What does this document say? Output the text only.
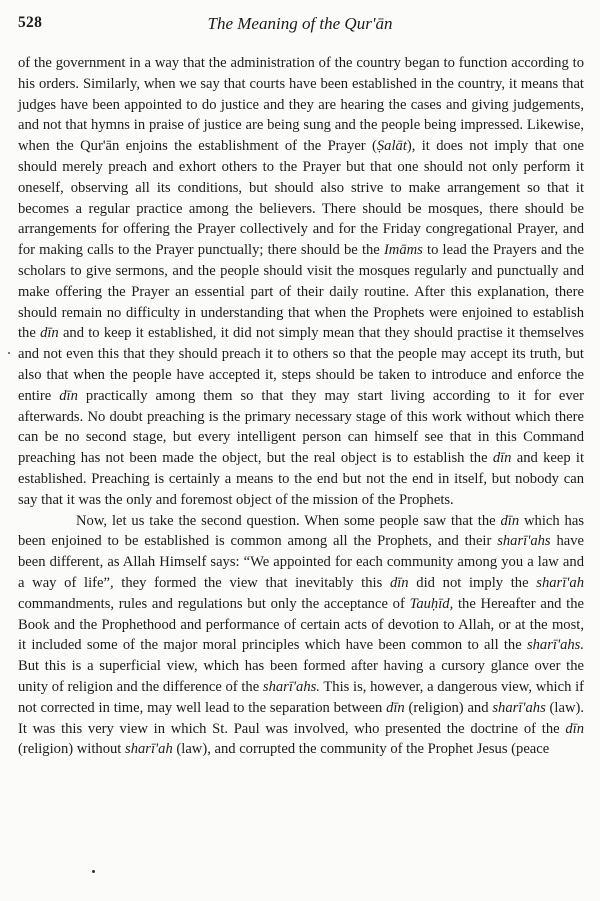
528	The Meaning of the Qur'ān

of the government in a way that the administration of the country began to function according to his orders. Similarly, when we say that courts have been established in the country, it means that judges have been appointed to do justice and they are hearing the cases and giving judgements, and not that hymns in praise of justice are being sung and the people being impressed. Likewise, when the Qur'ān enjoins the establishment of the Prayer (Ṣalāt), it does not imply that one should merely preach and exhort others to the Prayer but that one should not only perform it oneself, observing all its conditions, but should also strive to make arrangement so that it becomes a regular practice among the believers. There should be mosques, there should be arrangements for offering the Prayer collectively and for the Friday congregational Prayer, and for making calls to the Prayer punctually; there should be the Imāms to lead the Prayers and the scholars to give sermons, and the people should visit the mosques regularly and punctually and make offering the Prayer an essential part of their daily routine. After this explanation, there should remain no difficulty in understanding that when the Prophets were enjoined to establish the dīn and to keep it established, it did not simply mean that they should practise it themselves and not even this that they should preach it to others so that the people may accept its truth, but also that when the people have accepted it, steps should be taken to introduce and enforce the entire dīn practically among them so that they may start living according to it for ever afterwards. No doubt preaching is the primary necessary stage of this work without which there can be no second stage, but every intelligent person can himself see that in this Command preaching has not been made the object, but the real object is to establish the dīn and keep it established. Preaching is certainly a means to the end but not the end in itself, but nobody can say that it was the only and foremost object of the mission of the Prophets.

Now, let us take the second question. When some people saw that the dīn which has been enjoined to be established is common among all the Prophets, and their sharī'ahs have been different, as Allah Himself says: “We appointed for each community among you a law and a way of life”, they formed the view that inevitably this dīn did not imply the sharī'ah commandments, rules and regulations but only the acceptance of Tauḥīd, the Hereafter and the Book and the Prophethood and performance of certain acts of devotion to Allah, or at the most, it included some of the major moral principles which have been common to all the sharī'ahs. But this is a superficial view, which has been formed after having a cursory glance over the unity of religion and the difference of the sharī'ahs. This is, however, a dangerous view, which if not corrected in time, may well lead to the separation between dīn (religion) and sharī'ahs (law). It was this very view in which St. Paul was involved, who presented the doctrine of the dīn (religion) without sharī'ah (law), and corrupted the community of the Prophet Jesus (peace
